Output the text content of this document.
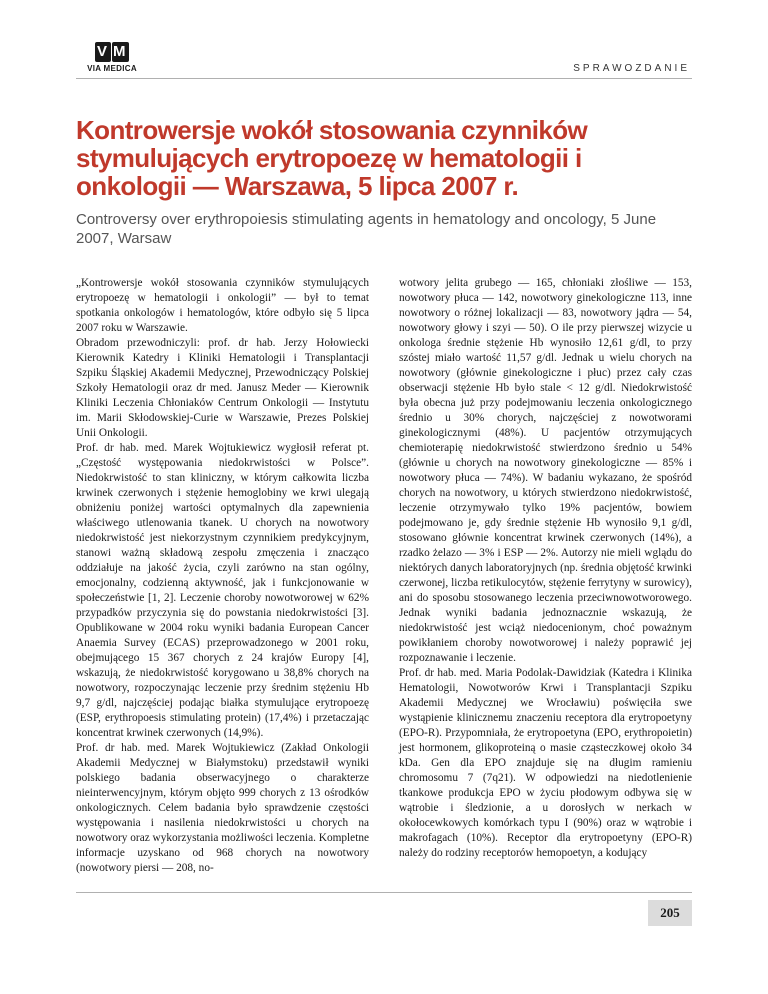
V M
VIA MEDICA	SPRAWOZDANIE
Kontrowersje wokół stosowania czynników stymulujących erytropoezę w hematologii i onkologii — Warszawa, 5 lipca 2007 r.

Controversy over erythropoiesis stimulating agents in hematology and oncology, 5 June 2007, Warsaw

„Kontrowersje wokół stosowania czynników stymulujących erytropoezę w hematologii i onkologii” — był to temat spotkania onkologów i hematologów, które odbyło się 5 lipca 2007 roku w Warszawie.

Obradom przewodniczyli: prof. dr hab. Jerzy Hołowiecki Kierownik Katedry i Kliniki Hematologii i Transplantacji Szpiku Śląskiej Akademii Medycznej, Przewodniczący Polskiej Szkoły Hematologii oraz dr med. Janusz Meder — Kierownik Kliniki Leczenia Chłoniaków Centrum Onkologii — Instytutu im. Marii Skłodowskiej-Curie w Warszawie, Prezes Polskiej Unii Onkologii.

Prof. dr hab. med. Marek Wojtukiewicz wygłosił referat pt. „Częstość występowania niedokrwistości w Polsce”. Niedokrwistość to stan kliniczny, w którym całkowita liczba krwinek czerwonych i stężenie hemoglobiny we krwi ulegają obniżeniu poniżej wartości optymalnych dla zapewnienia właściwego utlenowania tkanek. U chorych na nowotwory niedokrwistość jest niekorzystnym czynnikiem predykcyjnym, stanowi ważną składową zespołu zmęczenia i znacząco oddziałuje na jakość życia, czyli zarówno na stan ogólny, emocjonalny, codzienną aktywność, jak i funkcjonowanie w społeczeństwie [1, 2]. Leczenie choroby nowotworowej w 62% przypadków przyczynia się do powstania niedokrwistości [3]. Opublikowane w 2004 roku wyniki badania European Cancer Anaemia Survey (ECAS) przeprowadzonego w 2001 roku, obejmującego 15 367 chorych z 24 krajów Europy [4], wskazują, że niedokrwistość korygowano u 38,8% chorych na nowotwory, rozpoczynając leczenie przy średnim stężeniu Hb 9,7 g/dl, najczęściej podając białka stymulujące erytropoezę (ESP, erythropoesis stimulating protein) (17,4%) i przetaczając koncentrat krwinek czerwonych (14,9%).

Prof. dr hab. med. Marek Wojtukiewicz (Zakład Onkologii Akademii Medycznej w Białymstoku) przedstawił wyniki polskiego badania obserwacyjnego o charakterze nieinterwencyjnym, którym objęto 999 chorych z 13 ośrodków onkologicznych. Celem badania było sprawdzenie częstości występowania i nasilenia niedokrwistości u chorych na nowotwory oraz wykorzystania możliwości leczenia. Kompletne informacje uzyskano od 968 chorych na nowotwory (nowotwory piersi — 208, no-

wotwory jelita grubego — 165, chłoniaki złośliwe — 153, nowotwory płuca — 142, nowotwory ginekologiczne 113, inne nowotwory o różnej lokalizacji — 83, nowotwory jądra — 54, nowotwory głowy i szyi — 50). O ile przy pierwszej wizycie u onkologa średnie stężenie Hb wynosiło 12,61 g/dl, to przy szóstej miało wartość 11,57 g/dl. Jednak u wielu chorych na nowotwory (głównie ginekologiczne i płuc) przez cały czas obserwacji stężenie Hb było stale < 12 g/dl. Niedokrwistość była obecna już przy podejmowaniu leczenia onkologicznego średnio u 30% chorych, najczęściej z nowotworami ginekologicznymi (48%). U pacjentów otrzymujących chemioterapię niedokrwistość stwierdzono średnio u 54% (głównie u chorych na nowotwory ginekologiczne — 85% i nowotwory płuca — 74%). W badaniu wykazano, że spośród chorych na nowotwory, u których stwierdzono niedokrwistość, leczenie otrzymywało tylko 19% pacjentów, bowiem podejmowano je, gdy średnie stężenie Hb wynosiło 9,1 g/dl, stosowano głównie koncentrat krwinek czerwonych (14%), a rzadko żelazo — 3% i ESP — 2%. Autorzy nie mieli wglądu do niektórych danych laboratoryjnych (np. średnia objętość krwinki czerwonej, liczba retikulocytów, stężenie ferrytyny w surowicy), ani do sposobu stosowanego leczenia przeciwnowotworowego. Jednak wyniki badania jednoznacznie wskazują, że niedokrwistość jest wciąż niedocenionym, choć poważnym powikłaniem choroby nowotworowej i należy poprawić jej rozpoznawanie i leczenie.

Prof. dr hab. med. Maria Podolak-Dawidziak (Katedra i Klinika Hematologii, Nowotworów Krwi i Transplantacji Szpiku Akademii Medycznej we Wrocławiu) poświęciła swe wystąpienie klinicznemu znaczeniu receptora dla erytropoetyny (EPO-R). Przypomniała, że erytropoetyna (EPO, erythropoietin) jest hormonem, glikoproteiną o masie cząsteczkowej około 34 kDa. Gen dla EPO znajduje się na długim ramieniu chromosomu 7 (7q21). W odpowiedzi na niedotlenienie tkankowe produkcja EPO w życiu płodowym odbywa się w wątrobie i śledzionie, a u dorosłych w nerkach w okołocewkowych komórkach typu I (90%) oraz w wątrobie i makrofagach (10%). Receptor dla erytropoetyny (EPO-R) należy do rodziny receptorów hemopoetyn, a kodujący

205
